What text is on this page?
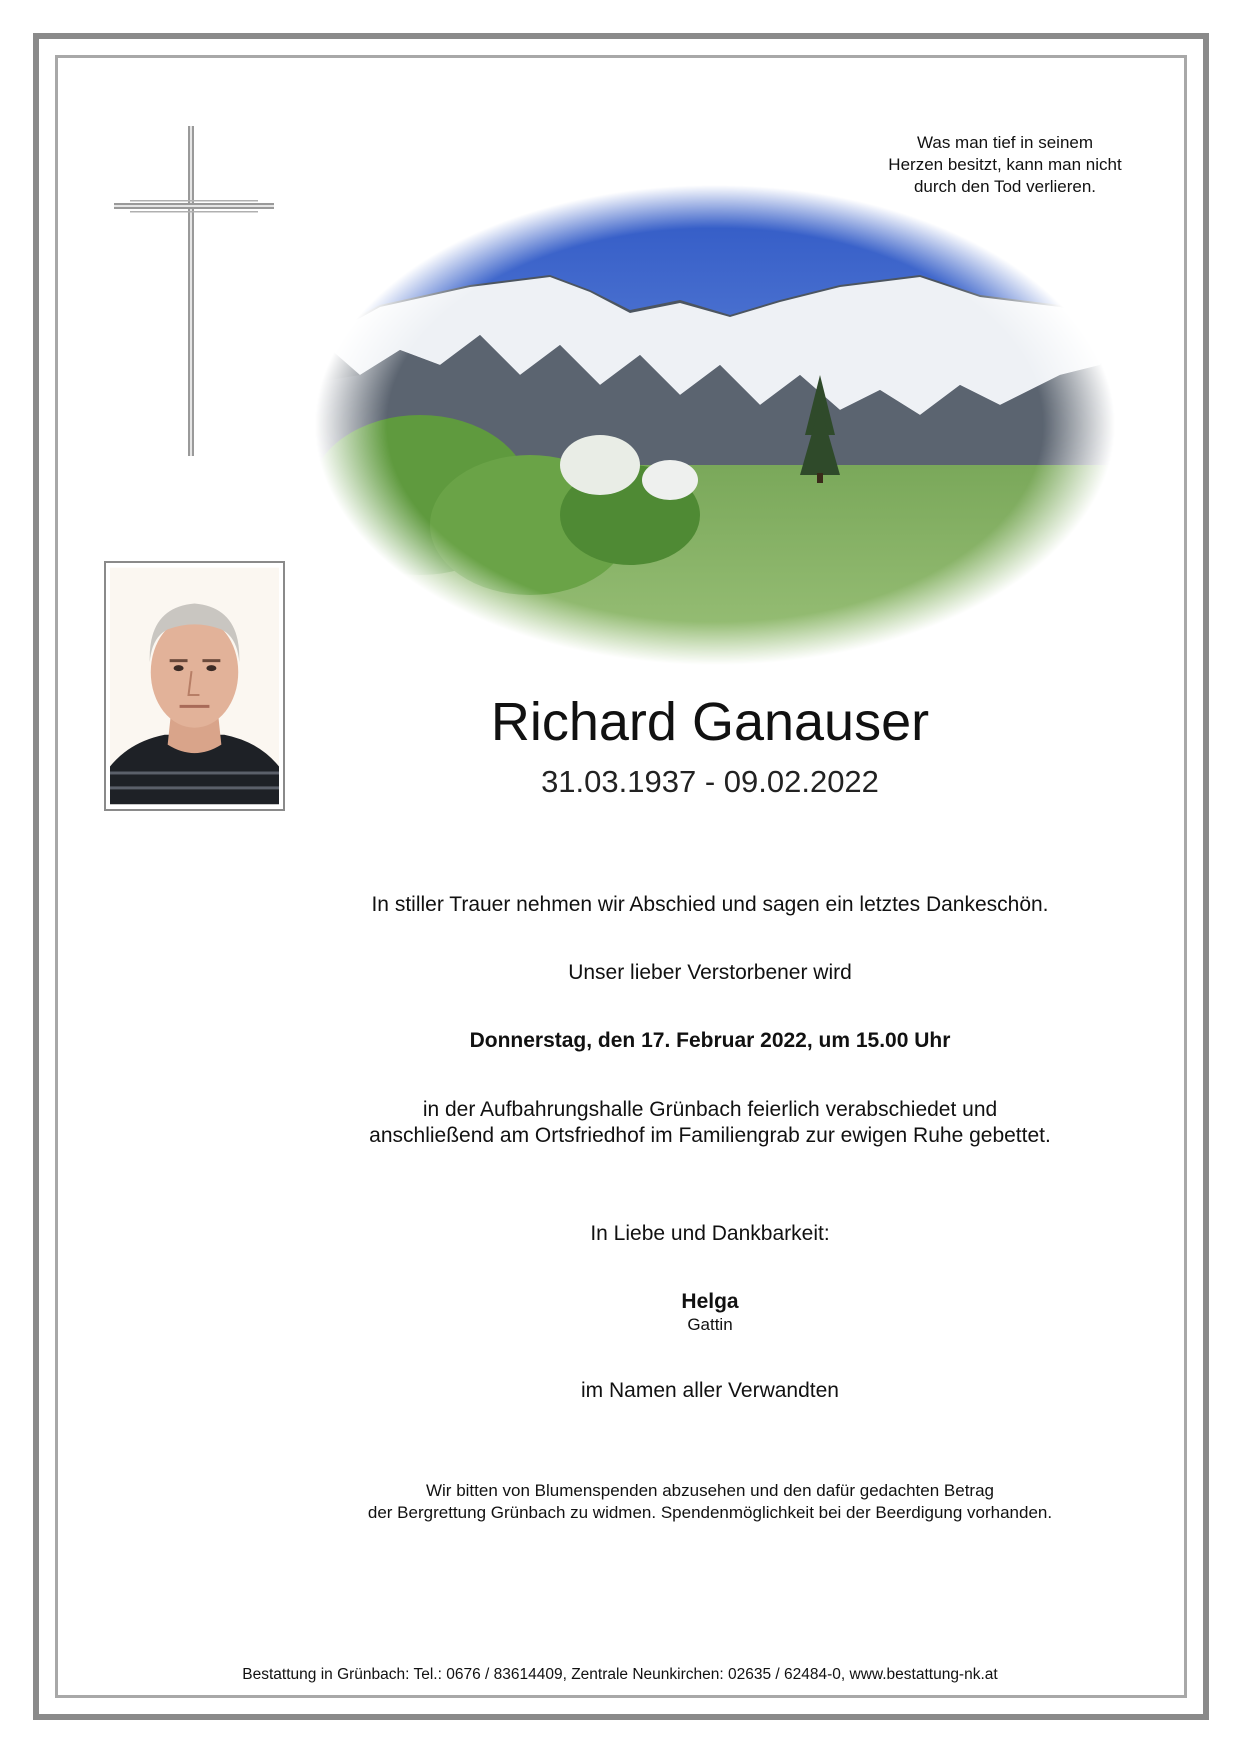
Was man tief in seinem
Herzen besitzt, kann man nicht
Richard Ganauser
31.03.1937 - 09.02.2022
In stiller Trauer nehmen wir Abschied und sagen ein letztes Dankeschön.
Unser lieber Verstorbener wird
Donnerstag, den 17. Februar 2022, um 15.00 Uhr
in der Aufbahrungshalle Grünbach feierlich verabschiedet und
anschließend am Ortsfriedhof im Familiengrab zur ewigen Ruhe gebettet.
In Liebe und Dankbarkeit:
Helga
Gattin
im Namen aller Verwandten
Wir bitten von Blumenspenden abzusehen und den dafür gedachten Betrag
der Bergrettung Grünbach zu widmen. Spendenmöglichkeit bei der Beerdigung vorhanden.
Bestattung in Grünbach: Tel.: 0676 / 83614409, Zentrale Neunkirchen: 02635 / 62484-0, www.bestattung-nk.at
